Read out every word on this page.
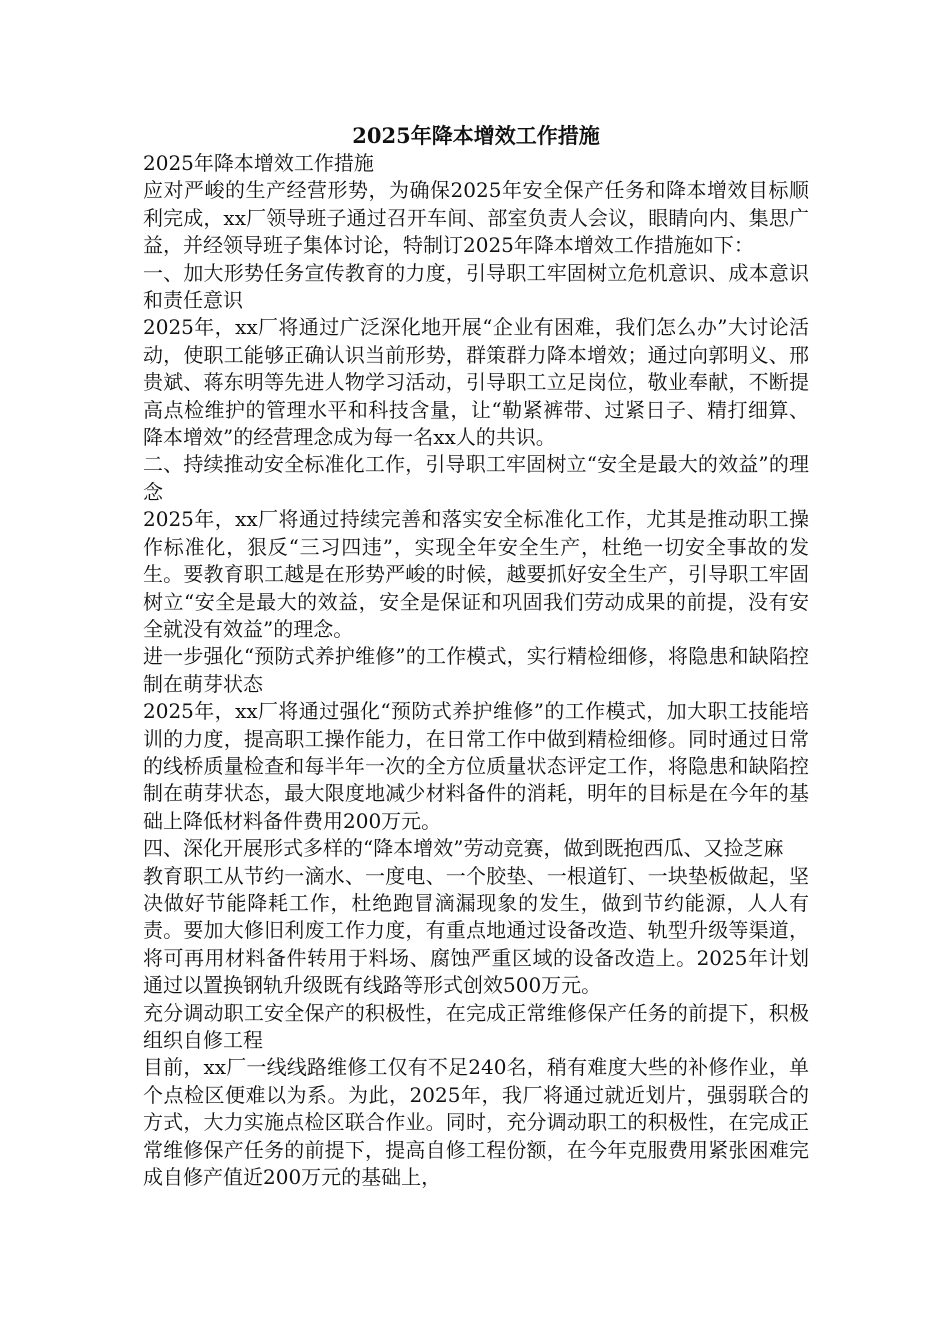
2025年降本增效工作措施

2025年降本增效工作措施

应对严峻的生产经营形势，为确保2025年安全保产任务和降本增效目标顺利完成，xx厂领导班子通过召开车间、部室负责人会议，眼睛向内、集思广益，并经领导班子集体讨论，特制订2025年降本增效工作措施如下：

一、加大形势任务宣传教育的力度，引导职工牢固树立危机意识、成本意识和责任意识

2025年，xx厂将通过广泛深化地开展“企业有困难，我们怎么办”大讨论活动，使职工能够正确认识当前形势，群策群力降本增效；通过向郭明义、邢贵斌、蒋东明等先进人物学习活动，引导职工立足岗位，敬业奉献，不断提高点检维护的管理水平和科技含量，让“勒紧裤带、过紧日子、精打细算、降本增效”的经营理念成为每一名xx人的共识。

二、持续推动安全标准化工作，引导职工牢固树立“安全是最大的效益”的理念

2025年，xx厂将通过持续完善和落实安全标准化工作，尤其是推动职工操作标准化，狠反“三习四违”，实现全年安全生产，杜绝一切安全事故的发生。要教育职工越是在形势严峻的时候，越要抓好安全生产，引导职工牢固树立“安全是最大的效益，安全是保证和巩固我们劳动成果的前提，没有安全就没有效益”的理念。

进一步强化“预防式养护维修”的工作模式，实行精检细修，将隐患和缺陷控制在萌芽状态

2025年，xx厂将通过强化“预防式养护维修”的工作模式，加大职工技能培训的力度，提高职工操作能力，在日常工作中做到精检细修。同时通过日常的线桥质量检查和每半年一次的全方位质量状态评定工作，将隐患和缺陷控制在萌芽状态，最大限度地减少材料备件的消耗，明年的目标是在今年的基础上降低材料备件费用200万元。

四、深化开展形式多样的“降本增效”劳动竞赛，做到既抱西瓜、又捡芝麻

教育职工从节约一滴水、一度电、一个胶垫、一根道钉、一块垫板做起，坚决做好节能降耗工作，杜绝跑冒滴漏现象的发生，做到节约能源，人人有责。要加大修旧利废工作力度，有重点地通过设备改造、轨型升级等渠道，将可再用材料备件转用于料场、腐蚀严重区域的设备改造上。2025年计划通过以置换钢轨升级既有线路等形式创效500万元。

充分调动职工安全保产的积极性，在完成正常维修保产任务的前提下，积极组织自修工程

目前，xx厂一线线路维修工仅有不足240名，稍有难度大些的补修作业，单个点检区便难以为系。为此，2025年，我厂将通过就近划片，强弱联合的方式，大力实施点检区联合作业。同时，充分调动职工的积极性，在完成正常维修保产任务的前提下，提高自修工程份额，在今年克服费用紧张困难完成自修产值近200万元的基础上，
